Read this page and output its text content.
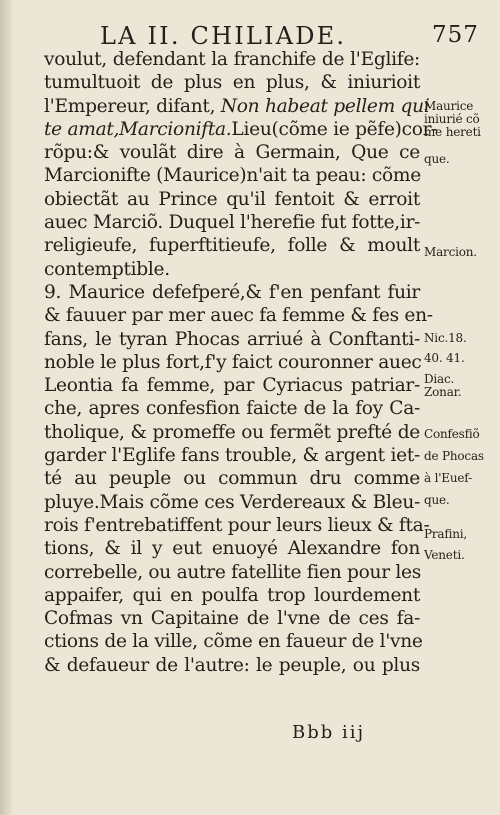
LA II. CHILIADE.	757
voulut, defendant la franchife de l'Eglife:
tumultuoit de plus en plus, & iniurioit
l'Empereur, difant, Non habeat pellem qui
te amat,Marcionifta.Lieu(cõme ie pẽfe)cor-
rõpu:& voulãt dire à Germain, Que ce
Marcionifte (Maurice)n'ait ta peau: cõme
obiectãt au Prince qu'il fentoit & erroit
auec Marciõ. Duquel l'herefie fut fotte,ir-
religieufe, fuperftitieufe, folle & moult
contemptible.
9. Maurice defefperé,& f'en penfant fuir
& fauuer par mer auec fa femme & fes en-
fans, le tyran Phocas arriué à Conftanti-
noble le plus fort,f'y faict couronner auec
Leontia fa femme, par Cyriacus patriar-
che, apres confesfion faicte de la foy Ca-
tholique, & promeffe ou fermẽt prefté de
garder l'Eglife fans trouble, & argent iet-
té au peuple ou commun dru comme
pluye.Mais cõme ces Verdereaux & Bleu-
rois f'entrebatiffent pour leurs lieux & fta-
tions, & il y eut enuoyé Alexandre fon
correbelle, ou autre fatellite fien pour les
appaifer, qui en poulfa trop lourdement
Cofmas vn Capitaine de l'vne de ces fa-
ctions de la ville, cõme en faueur de l'vne
& defaueur de l'autre: le peuple, ou plus
Maurice
iniurié cõ
me hereti
que.
Marcion.
Nic.18.
40. 41.
Diac.
Zonar.
Confesfiõ
de Phocas
à l'Euef-
que.
Prafini,
Veneti.
Bbb iij
